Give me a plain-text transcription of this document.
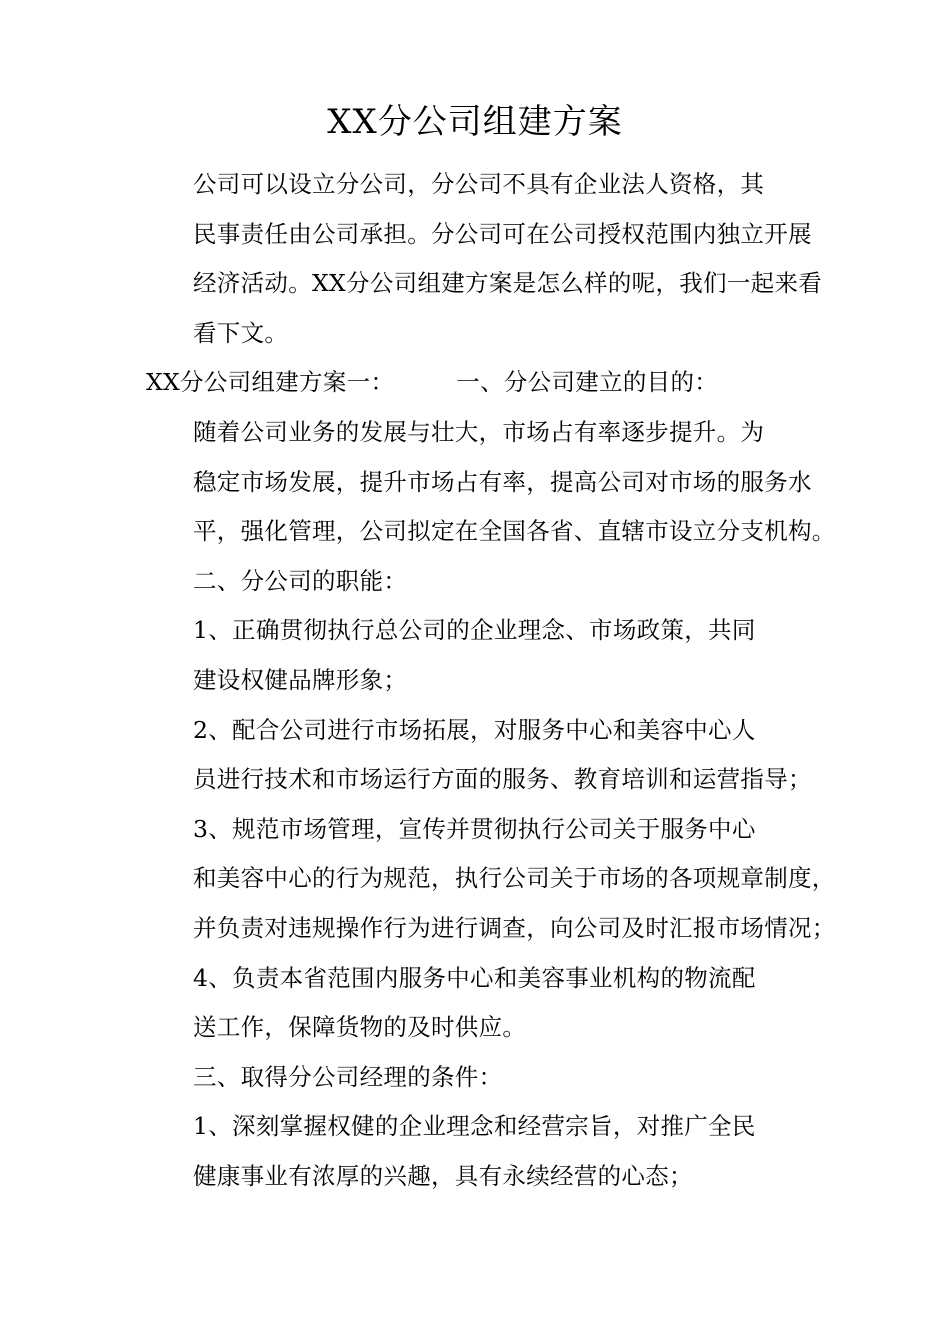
XX分公司组建方案

公司可以设立分公司，分公司不具有企业法人资格，其
民事责任由公司承担。分公司可在公司授权范围内独立开展
经济活动。XX分公司组建方案是怎么样的呢，我们一起来看
看下文。

XX分公司组建方案一：	一、分公司建立的目的：

随着公司业务的发展与壮大，市场占有率逐步提升。为
稳定市场发展，提升市场占有率，提高公司对市场的服务水
平，强化管理，公司拟定在全国各省、直辖市设立分支机构。

二、分公司的职能：

1、正确贯彻执行总公司的企业理念、市场政策，共同
建设权健品牌形象；

2、配合公司进行市场拓展，对服务中心和美容中心人
员进行技术和市场运行方面的服务、教育培训和运营指导；

3、规范市场管理，宣传并贯彻执行公司关于服务中心
和美容中心的行为规范，执行公司关于市场的各项规章制度，
并负责对违规操作行为进行调查，向公司及时汇报市场情况；

4、负责本省范围内服务中心和美容事业机构的物流配
送工作，保障货物的及时供应。

三、取得分公司经理的条件：

1、深刻掌握权健的企业理念和经营宗旨，对推广全民
健康事业有浓厚的兴趣，具有永续经营的心态；
